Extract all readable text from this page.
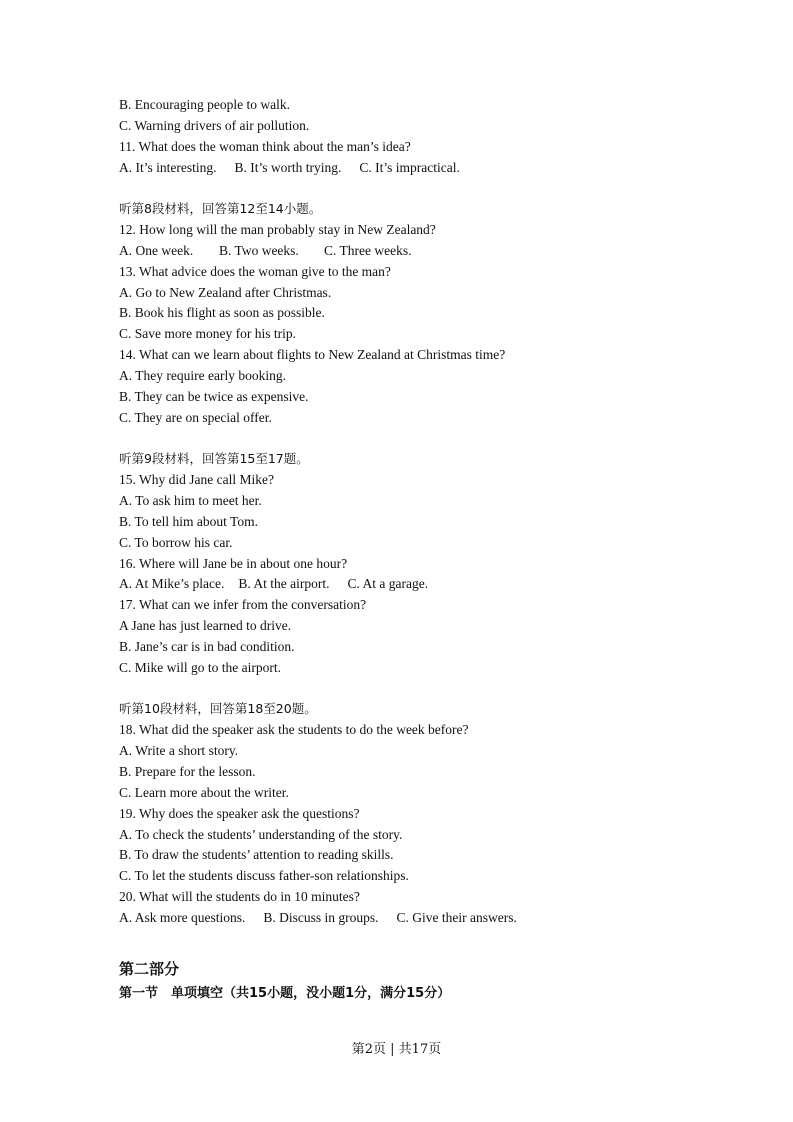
B. Encouraging people to walk.
C. Warning drivers of air pollution.
11. What does the woman think about the man’s idea?
A. It’s interesting. B. It’s worth trying. C. It’s impractical.
听第8段材料，回答第12至14小题。
12. How long will the man probably stay in New Zealand?
A. One week. B. Two weeks. C. Three weeks.
13. What advice does the woman give to the man?
A. Go to New Zealand after Christmas.
B. Book his flight as soon as possible.
C. Save more money for his trip.
14. What can we learn about flights to New Zealand at Christmas time?
A. They require early booking.
B. They can be twice as expensive.
C. They are on special offer.
听第9段材料，回答第15至17题。
15. Why did Jane call Mike?
A. To ask him to meet her.
B. To tell him about Tom.
C. To borrow his car.
16. Where will Jane be in about one hour?
A. At Mike’s place. B. At the airport. C. At a garage.
17. What can we infer from the conversation?
A Jane has just learned to drive.
B. Jane’s car is in bad condition.
C. Mike will go to the airport.
听第10段材料，回答第18至20题。
18. What did the speaker ask the students to do the week before?
A. Write a short story.
B. Prepare for the lesson.
C. Learn more about the writer.
19. Why does the speaker ask the questions?
A. To check the students’ understanding of the story.
B. To draw the students’ attention to reading skills.
C. To let the students discuss father-son relationships.
20. What will the students do in 10 minutes?
A. Ask more questions. B. Discuss in groups. C. Give their answers.
第二部分
第一节　单项填空（共15小题，没小题1分，满分15分）
第2页 | 共17页
